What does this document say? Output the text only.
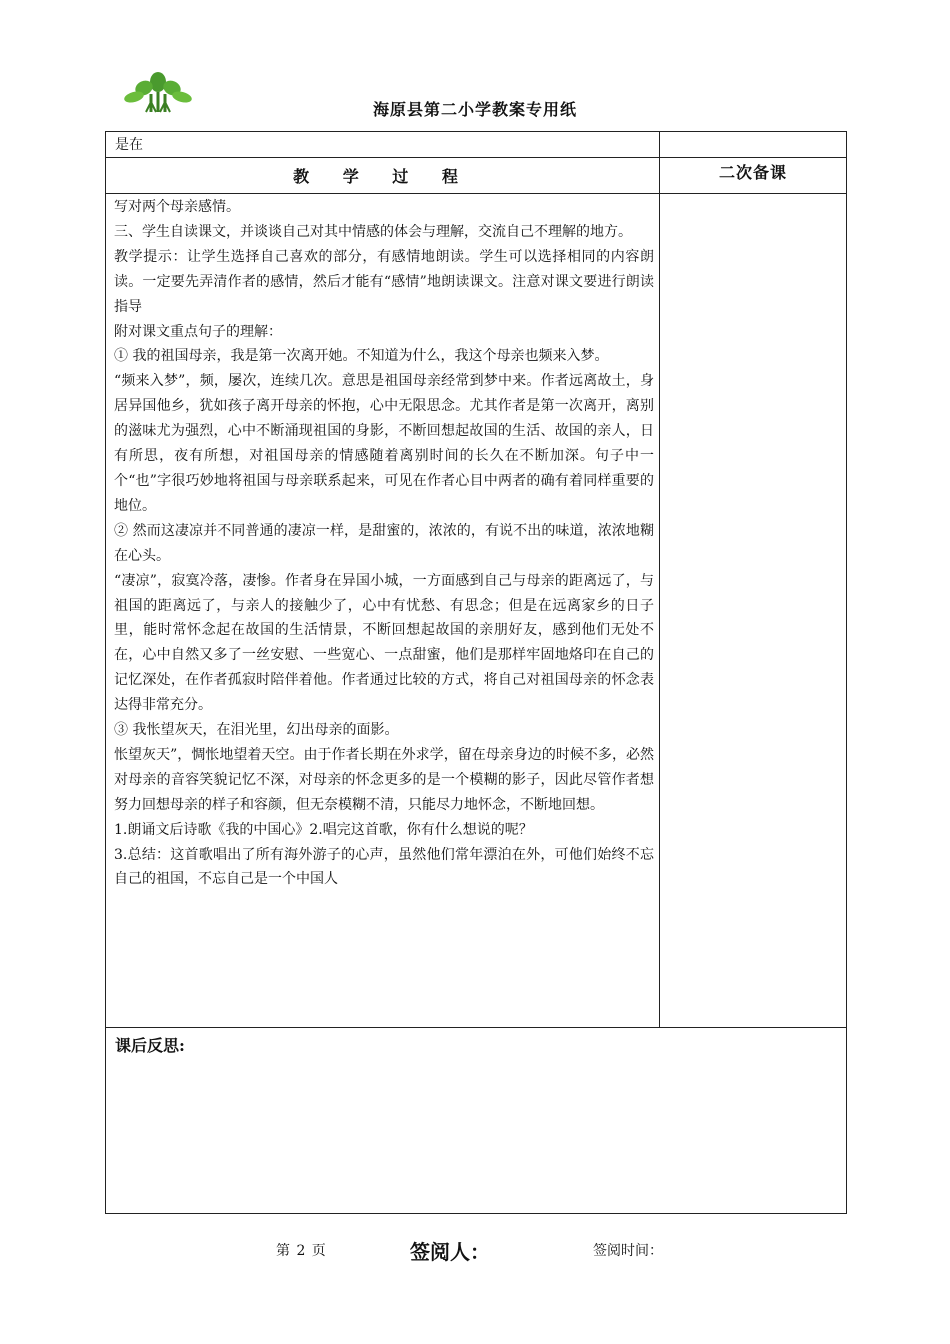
海原县第二小学教案专用纸
是在
教 学 过 程	二次备课

写对两个母亲感情。

三、学生自读课文，并谈谈自己对其中情感的体会与理解，交流自己不理解的地方。

教学提示：让学生选择自己喜欢的部分，有感情地朗读。学生可以选择相同的内容朗读。一定要先弄清作者的感情，然后才能有“感情”地朗读课文。注意对课文要进行朗读指导

附对课文重点句子的理解：

① 我的祖国母亲，我是第一次离开她。不知道为什么，我这个母亲也频来入梦。

“频来入梦”，频，屡次，连续几次。意思是祖国母亲经常到梦中来。作者远离故土，身居异国他乡，犹如孩子离开母亲的怀抱，心中无限思念。尤其作者是第一次离开，离别的滋味尤为强烈，心中不断涌现祖国的身影，不断回想起故国的生活、故国的亲人，日有所思，夜有所想，对祖国母亲的情感随着离别时间的长久在不断加深。句子中一个“也”字很巧妙地将祖国与母亲联系起来，可见在作者心目中两者的确有着同样重要的地位。

② 然而这凄凉并不同普通的凄凉一样，是甜蜜的，浓浓的，有说不出的味道，浓浓地糊在心头。

“凄凉”，寂寞冷落，凄惨。作者身在异国小城，一方面感到自己与母亲的距离远了，与祖国的距离远了，与亲人的接触少了，心中有忧愁、有思念；但是在远离家乡的日子里，能时常怀念起在故国的生活情景，不断回想起故国的亲朋好友，感到他们无处不在，心中自然又多了一丝安慰、一些宽心、一点甜蜜，他们是那样牢固地烙印在自己的记忆深处，在作者孤寂时陪伴着他。作者通过比较的方式，将自己对祖国母亲的怀念表达得非常充分。

③ 我怅望灰天，在泪光里，幻出母亲的面影。

怅望灰天”，惆怅地望着天空。由于作者长期在外求学，留在母亲身边的时候不多，必然对母亲的音容笑貌记忆不深，对母亲的怀念更多的是一个模糊的影子，因此尽管作者想努力回想母亲的样子和容颜，但无奈模糊不清，只能尽力地怀念，不断地回想。

1.朗诵文后诗歌《我的中国心》2.唱完这首歌，你有什么想说的呢？

3.总结：这首歌唱出了所有海外游子的心声，虽然他们常年漂泊在外，可他们始终不忘自己的祖国，不忘自己是一个中国人

课后反思:
第 2 页	签阅人：	签阅时间：
